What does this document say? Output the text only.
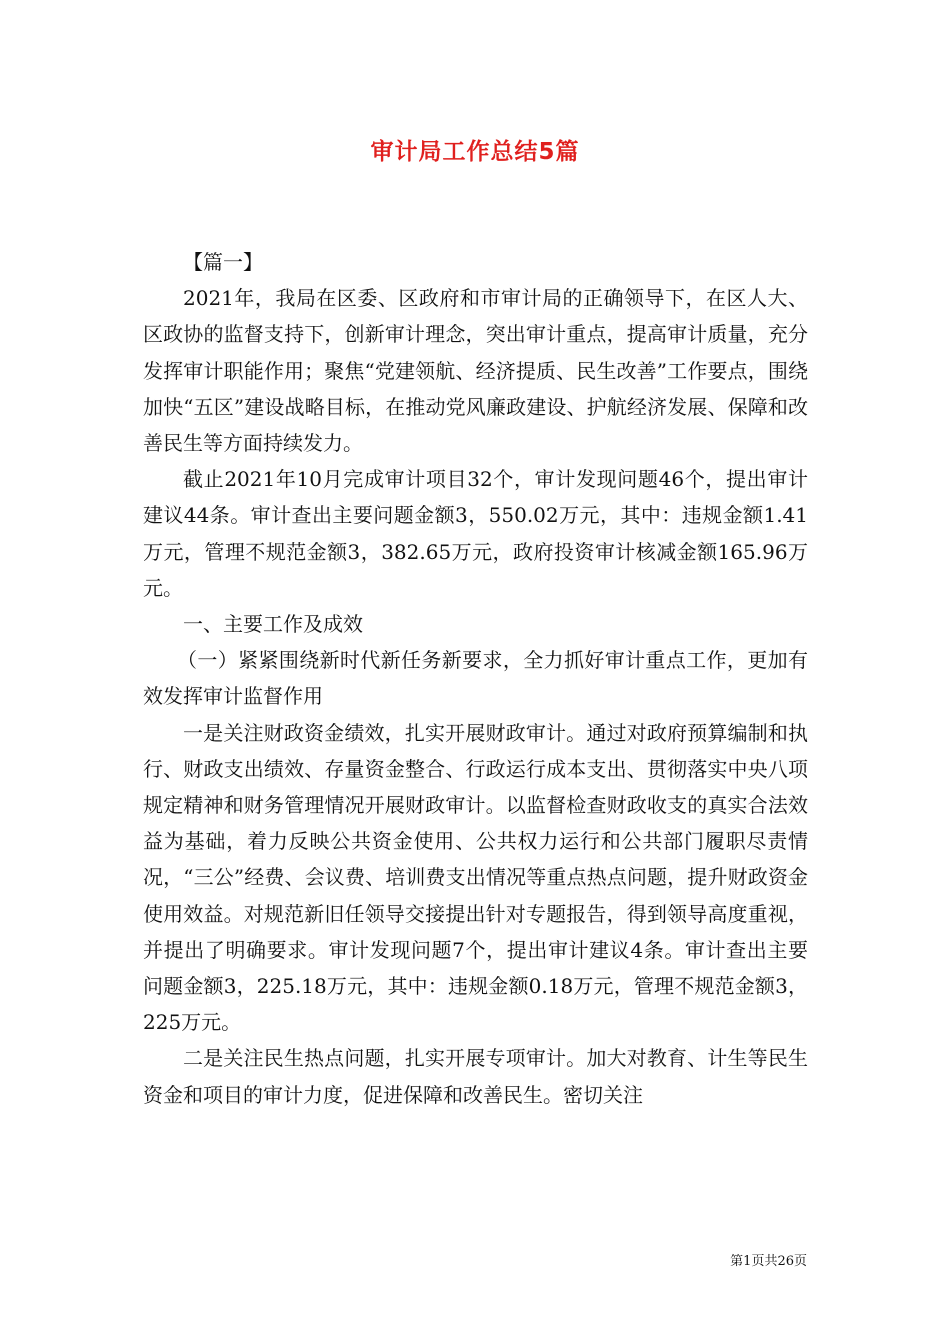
审计局工作总结5篇

【篇一】

2021年，我局在区委、区政府和市审计局的正确领导下，在区人大、区政协的监督支持下，创新审计理念，突出审计重点，提高审计质量，充分发挥审计职能作用；聚焦“党建领航、经济提质、民生改善”工作要点，围绕加快“五区”建设战略目标，在推动党风廉政建设、护航经济发展、保障和改善民生等方面持续发力。

截止2021年10月完成审计项目32个，审计发现问题46个，提出审计建议44条。审计查出主要问题金额3，550.02万元，其中：违规金额1.41万元，管理不规范金额3，382.65万元，政府投资审计核减金额165.96万元。

一、主要工作及成效

（一）紧紧围绕新时代新任务新要求，全力抓好审计重点工作，更加有效发挥审计监督作用

一是关注财政资金绩效，扎实开展财政审计。通过对政府预算编制和执行、财政支出绩效、存量资金整合、行政运行成本支出、贯彻落实中央八项规定精神和财务管理情况开展财政审计。以监督检查财政收支的真实合法效益为基础，着力反映公共资金使用、公共权力运行和公共部门履职尽责情况，“三公”经费、会议费、培训费支出情况等重点热点问题，提升财政资金使用效益。对规范新旧任领导交接提出针对专题报告，得到领导高度重视，并提出了明确要求。审计发现问题7个，提出审计建议4条。审计查出主要问题金额3，225.18万元，其中：违规金额0.18万元，管理不规范金额3，225万元。

二是关注民生热点问题，扎实开展专项审计。加大对教育、计生等民生资金和项目的审计力度，促进保障和改善民生。密切关注

第1页共26页
